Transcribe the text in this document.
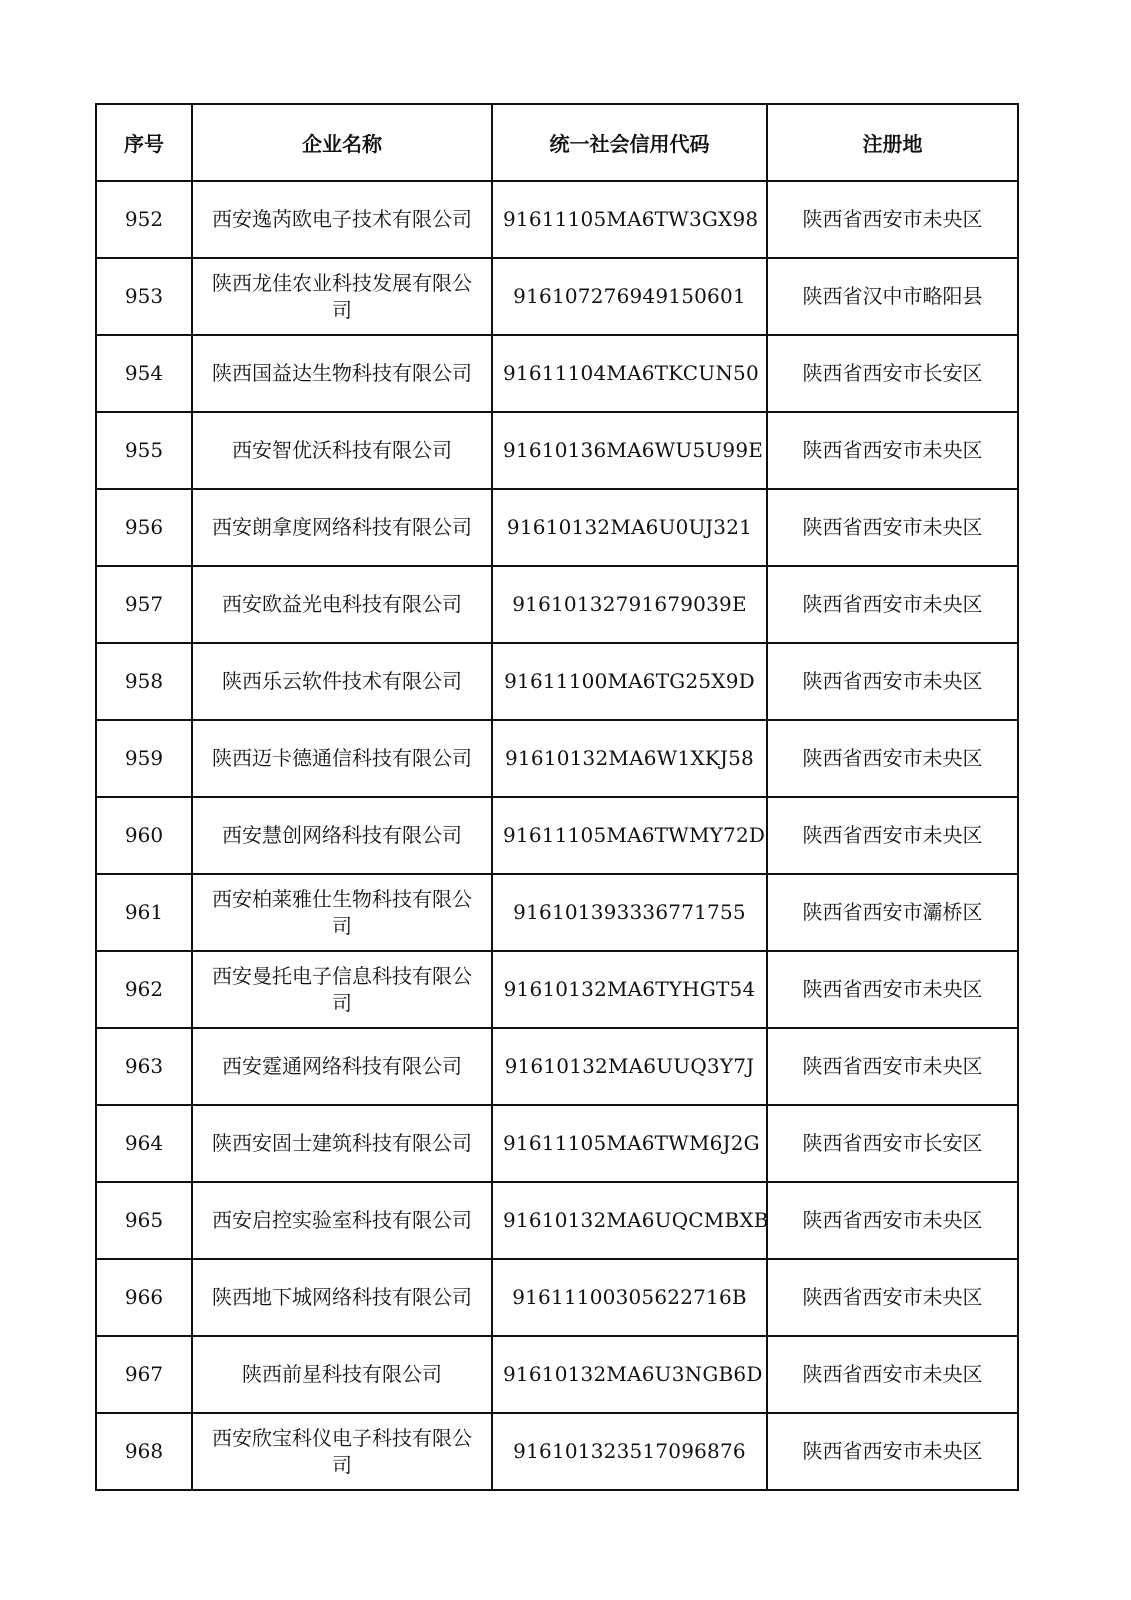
序号	企业名称	统一社会信用代码	注册地
952	西安逸芮欧电子技术有限公司	91611105MA6TW3GX98	陕西省西安市未央区
953	陕西龙佳农业科技发展有限公司	916107276949150601	陕西省汉中市略阳县
954	陕西国益达生物科技有限公司	91611104MA6TKCUN50	陕西省西安市长安区
955	西安智优沃科技有限公司	91610136MA6WU5U99E	陕西省西安市未央区
956	西安朗拿度网络科技有限公司	91610132MA6U0UJ321	陕西省西安市未央区
957	西安欧益光电科技有限公司	91610132791679039E	陕西省西安市未央区
958	陕西乐云软件技术有限公司	91611100MA6TG25X9D	陕西省西安市未央区
959	陕西迈卡德通信科技有限公司	91610132MA6W1XKJ58	陕西省西安市未央区
960	西安慧创网络科技有限公司	91611105MA6TWMY72D	陕西省西安市未央区
961	西安柏莱雅仕生物科技有限公司	916101393336771755	陕西省西安市灞桥区
962	西安曼托电子信息科技有限公司	91610132MA6TYHGT54	陕西省西安市未央区
963	西安霆通网络科技有限公司	91610132MA6UUQ3Y7J	陕西省西安市未央区
964	陕西安固士建筑科技有限公司	91611105MA6TWM6J2G	陕西省西安市长安区
965	西安启控实验室科技有限公司	91610132MA6UQCMBXB	陕西省西安市未央区
966	陕西地下城网络科技有限公司	91611100305622716B	陕西省西安市未央区
967	陕西前星科技有限公司	91610132MA6U3NGB6D	陕西省西安市未央区
968	西安欣宝科仪电子科技有限公司	916101323517096876	陕西省西安市未央区
